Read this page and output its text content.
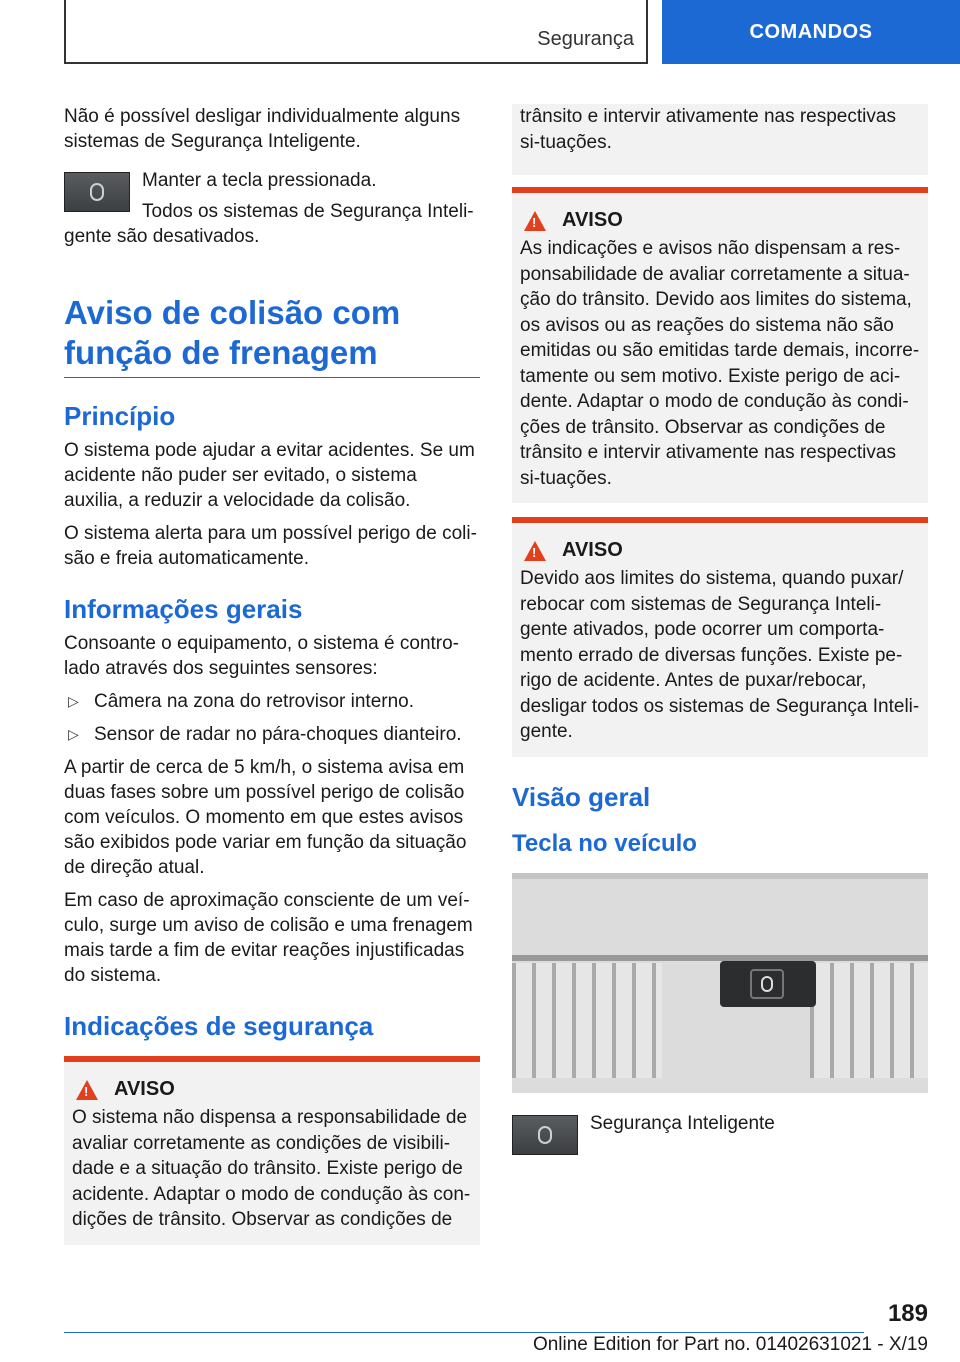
Segurança	COMANDOS

Não é possível desligar individualmente alguns sistemas de Segurança Inteligente.

Manter a tecla pressionada.

Todos os sistemas de Segurança Inteli-

gente são desativados.

Aviso de colisão com função de frenagem
Princípio

O sistema pode ajudar a evitar acidentes. Se um acidente não puder ser evitado, o sistema auxilia, a reduzir a velocidade da colisão.

O sistema alerta para um possível perigo de coli-são e freia automaticamente.

Informações gerais

Consoante o equipamento, o sistema é contro-lado através dos seguintes sensores:

▷ Câmera na zona do retrovisor interno.
▷ Sensor de radar no pára-choques dianteiro.

A partir de cerca de 5 km/h, o sistema avisa em duas fases sobre um possível perigo de colisão com veículos. O momento em que estes avisos são exibidos pode variar em função da situação de direção atual.

Em caso de aproximação consciente de um veí-culo, surge um aviso de colisão e uma frenagem mais tarde a fim de evitar reações injustificadas do sistema.

Indicações de segurança
!
AVISO

O sistema não dispensa a responsabilidade de avaliar corretamente as condições de visibili-dade e a situação do trânsito. Existe perigo de acidente. Adaptar o modo de condução às con-dições de trânsito. Observar as condições de

trânsito e intervir ativamente nas respectivas si-tuações.

!
AVISO

As indicações e avisos não dispensam a res-ponsabilidade de avaliar corretamente a situa-ção do trânsito. Devido aos limites do sistema, os avisos ou as reações do sistema não são emitidas ou são emitidas tarde demais, incorre-tamente ou sem motivo. Existe perigo de aci-dente. Adaptar o modo de condução às condi-ções de trânsito. Observar as condições de trânsito e intervir ativamente nas respectivas si-tuações.

!
AVISO

Devido aos limites do sistema, quando puxar/ rebocar com sistemas de Segurança Inteli-gente ativados, pode ocorrer um comporta-mento errado de diversas funções. Existe pe-rigo de acidente. Antes de puxar/rebocar, desligar todos os sistemas de Segurança Inteli-gente.

Visão geral
Tecla no veículo

Segurança Inteligente

189
Online Edition for Part no. 01402631021 - X/19
